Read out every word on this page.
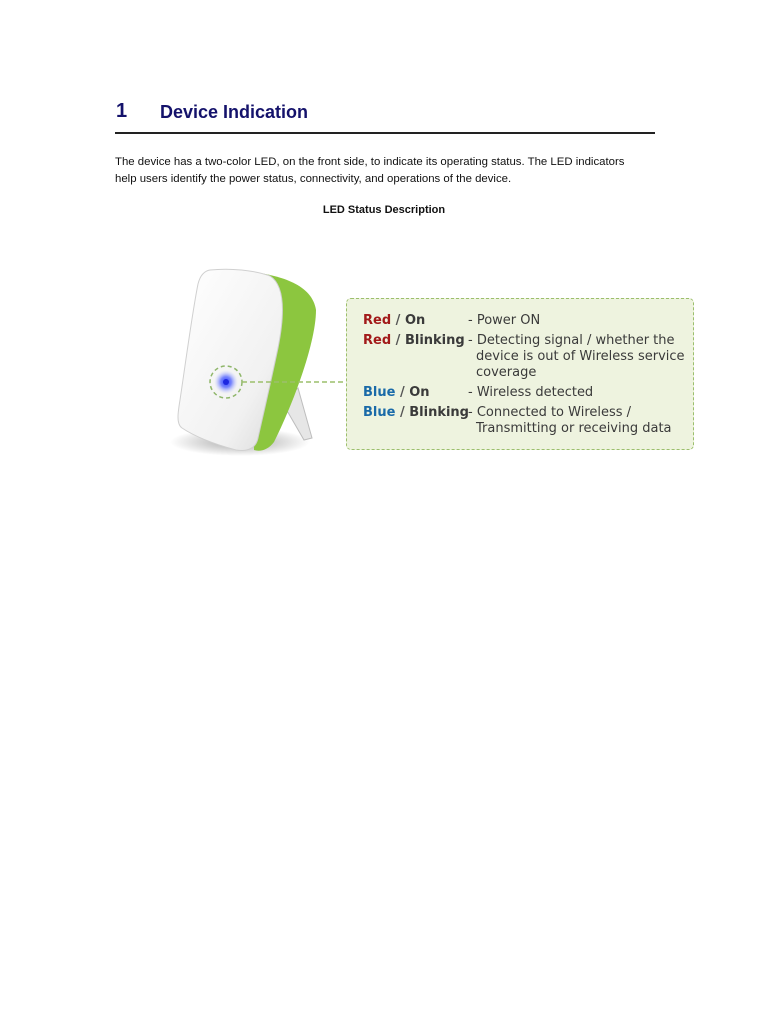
1 Device Indication
The device has a two-color LED, on the front side, to indicate its operating status. The LED indicators
help users identify the power status, connectivity, and operations of the device.
LED Status Description
Red / On	- Power ON
Red / Blinking - Detecting signal / whether the
device is out of Wireless service
coverage
Blue / On	- Wireless detected
Blue / Blinking - Connected to Wireless /
Transmitting or receiving data
